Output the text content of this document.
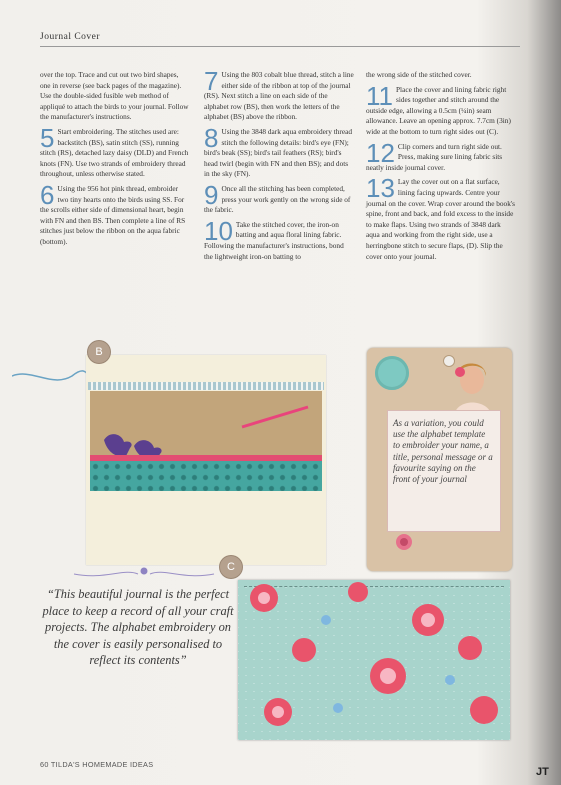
Journal Cover

over the top. Trace and cut out two bird shapes, one in reverse (see back pages of the magazine). Use the double-sided fusible web method of appliqué to attach the birds to your journal. Follow the manufacturer's instructions.

5 Start embroidering. The stitches used are: backstitch (BS), satin stitch (SS), running stitch (RS), detached lazy daisy (DLD) and French knots (FN). Use two strands of embroidery thread throughout, unless otherwise stated.
6 Using the 956 hot pink thread, embroider two tiny hearts onto the birds using SS. For the scrolls either side of dimensional heart, begin with FN and then BS. Then complete a line of RS stitches just below the ribbon on the aqua fabric (bottom).
7 Using the 803 cobalt blue thread, stitch a line either side of the ribbon at top of the journal (RS). Next stitch a line on each side of the alphabet row (BS), then work the letters of the alphabet (BS) above the ribbon.
8 Using the 3848 dark aqua embroidery thread stitch the following details: bird's eye (FN); bird's beak (SS); bird's tail feathers (RS); bird's head twirl (begin with FN and then BS); and dots in the sky (FN).
9 Once all the stitching has been completed, press your work gently on the wrong side of the fabric.
10 Take the stitched cover, the iron-on batting and aqua floral lining fabric. Following the manufacturer's instructions, bond the lightweight iron-on batting to

the wrong side of the stitched cover.

11 Place the cover and lining fabric right sides together and stitch around the outside edge, allowing a 0.5cm (¼in) seam allowance. Leave an opening approx. 7.7cm (3in) wide at the bottom to turn right sides out (C).
12 Clip corners and turn right side out. Press, making sure lining fabric sits neatly inside journal cover.
13 Lay the cover out on a flat surface, lining facing upwards. Centre your journal on the cover. Wrap cover around the book's spine, front and back, and fold excess to the inside to make flaps. Using two strands of 3848 dark aqua and working from the right side, use a herringbone stitch to secure flaps, (D). Slip the cover onto your journal.
B
As a variation, you could use the alphabet template to embroider your name, a title, personal message or a favourite saying on the front of your journal
“This beautiful journal is the perfect place to keep a record of all your craft projects. The alphabet embroidery on the cover is easily personalised to reflect its contents”
C
60 TILDA'S HOMEMADE IDEAS
JT
